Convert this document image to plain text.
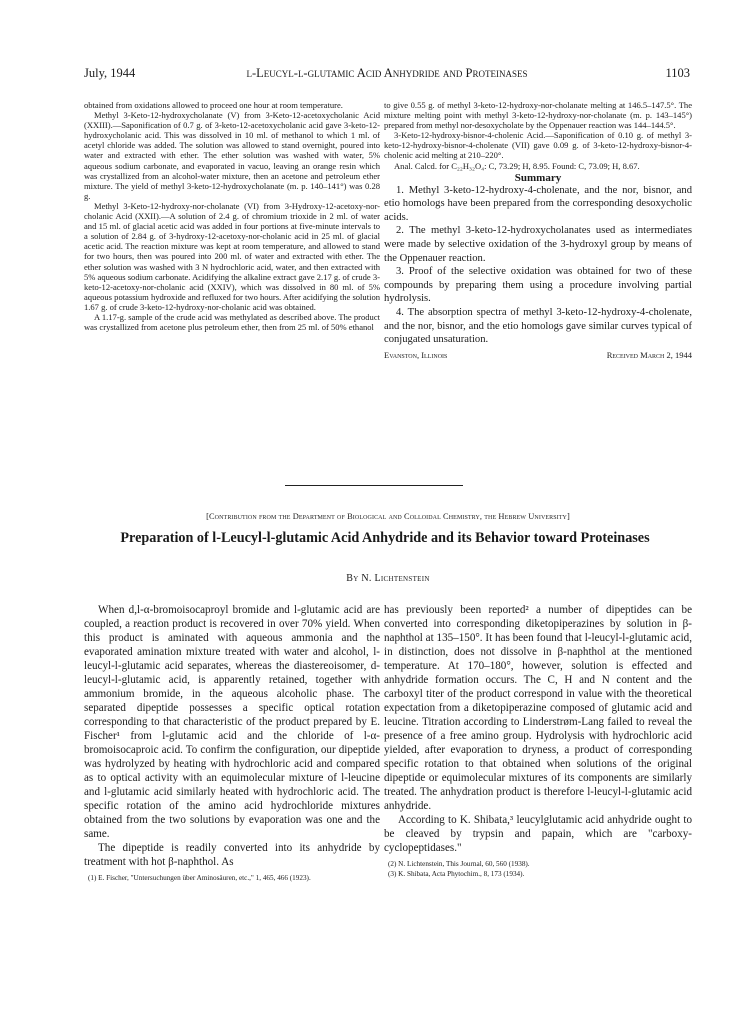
July, 1944	l-Leucyl-l-glutamic Acid Anhydride and Proteinases	1103

obtained from oxidations allowed to proceed one hour at room temperature.

Methyl 3-Keto-12-hydroxycholanate (V) from 3-Keto-12-acetoxycholanic Acid (XXIII).—Saponification of 0.7 g. of 3-keto-12-acetoxycholanic acid gave 3-keto-12-hydroxycholanic acid. This was dissolved in 10 ml. of methanol to which 1 ml. of acetyl chloride was added. The solution was allowed to stand overnight, poured into water and extracted with ether. The ether solution was washed with water, 5% aqueous sodium carbonate, and evaporated in vacuo, leaving an orange resin which was crystallized from an alcohol-water mixture, then an acetone and petroleum ether mixture. The yield of methyl 3-keto-12-hydroxycholanate (m. p. 140–141°) was 0.28 g.

Methyl 3-Keto-12-hydroxy-nor-cholanate (VI) from 3-Hydroxy-12-acetoxy-nor-cholanic Acid (XXII).—A solution of 2.4 g. of chromium trioxide in 2 ml. of water and 15 ml. of glacial acetic acid was added in four portions at five-minute intervals to a solution of 2.84 g. of 3-hydroxy-12-acetoxy-nor-cholanic acid in 25 ml. of glacial acetic acid. The reaction mixture was kept at room temperature, and allowed to stand for two hours, then was poured into 200 ml. of water and extracted with ether. The ether solution was washed with 3 N hydrochloric acid, water, and then extracted with 5% aqueous sodium carbonate. Acidifying the alkaline extract gave 2.17 g. of crude 3-keto-12-acetoxy-nor-cholanic acid (XXIV), which was dissolved in 80 ml. of 5% aqueous potassium hydroxide and refluxed for two hours. After acidifying the solution 1.67 g. of crude 3-keto-12-hydroxy-nor-cholanic acid was obtained.

A 1.17-g. sample of the crude acid was methylated as described above. The product was crystallized from acetone plus petroleum ether, then from 25 ml. of 50% ethanol

to give 0.55 g. of methyl 3-keto-12-hydroxy-nor-cholanate melting at 146.5–147.5°. The mixture melting point with methyl 3-keto-12-hydroxy-nor-cholanate (m. p. 143–145°) prepared from methyl nor-desoxycholate by the Oppenauer reaction was 144–144.5°.

3-Keto-12-hydroxy-bisnor-4-cholenic Acid.—Saponification of 0.10 g. of methyl 3-keto-12-hydroxy-bisnor-4-cholenate (VII) gave 0.09 g. of 3-keto-12-hydroxy-bisnor-4-cholenic acid melting at 210–220°.

Anal. Calcd. for C₂₂H₃₂O₄: C, 73.29; H, 8.95. Found: C, 73.09; H, 8.67.

Summary

1. Methyl 3-keto-12-hydroxy-4-cholenate, and the nor, bisnor, and etio homologs have been prepared from the corresponding desoxycholic acids.

2. The methyl 3-keto-12-hydroxycholanates used as intermediates were made by selective oxidation of the 3-hydroxyl group by means of the Oppenauer reaction.

3. Proof of the selective oxidation was obtained for two of these compounds by preparing them using a procedure involving partial hydrolysis.

4. The absorption spectra of methyl 3-keto-12-hydroxy-4-cholenate, and the nor, bisnor, and the etio homologs gave similar curves typical of conjugated unsaturation.

Evanston, Illinois	Received March 2, 1944
[Contribution from the Department of Biological and Colloidal Chemistry, the Hebrew University]
Preparation of l-Leucyl-l-glutamic Acid Anhydride and its Behavior toward Proteinases
By N. Lichtenstein

When d,l-α-bromoisocaproyl bromide and l-glutamic acid are coupled, a reaction product is recovered in over 70% yield. When this product is aminated with aqueous ammonia and the evaporated amination mixture treated with water and alcohol, l-leucyl-l-glutamic acid separates, whereas the diastereoisomer, d-leucyl-l-glutamic acid, is apparently retained, together with ammonium bromide, in the aqueous alcoholic phase. The separated dipeptide possesses a specific optical rotation corresponding to that characteristic of the product prepared by E. Fischer¹ from l-glutamic acid and the chloride of l-α-bromoisocaproic acid. To confirm the configuration, our dipeptide was hydrolyzed by heating with hydrochloric acid and compared as to optical activity with an equimolecular mixture of l-leucine and l-glutamic acid similarly heated with hydrochloric acid. The specific rotation of the amino acid hydrochloride mixtures obtained from the two solutions by evaporation was one and the same.

The dipeptide is readily converted into its anhydride by treatment with hot β-naphthol. As

(1) E. Fischer, "Untersuchungen über Aminosäuren, etc.," 1, 465, 466 (1923).

has previously been reported² a number of dipeptides can be converted into corresponding diketopiperazines by solution in β-naphthol at 135–150°. It has been found that l-leucyl-l-glutamic acid, in distinction, does not dissolve in β-naphthol at the mentioned temperature. At 170–180°, however, solution is effected and anhydride formation occurs. The C, H and N content and the carboxyl titer of the product correspond in value with the theoretical expectation from a diketopiperazine composed of glutamic acid and leucine. Titration according to Linderstrøm-Lang failed to reveal the presence of a free amino group. Hydrolysis with hydrochloric acid yielded, after evaporation to dryness, a product of corresponding specific rotation to that obtained when solutions of the original dipeptide or equimolecular mixtures of its components are similarly treated. The anhydration product is therefore l-leucyl-l-glutamic acid anhydride.

According to K. Shibata,³ leucylglutamic acid anhydride ought to be cleaved by trypsin and papain, which are "carboxy-cyclopeptidases."

(2) N. Lichtenstein, This Journal, 60, 560 (1938).
(3) K. Shibata, Acta Phytochim., 8, 173 (1934).
